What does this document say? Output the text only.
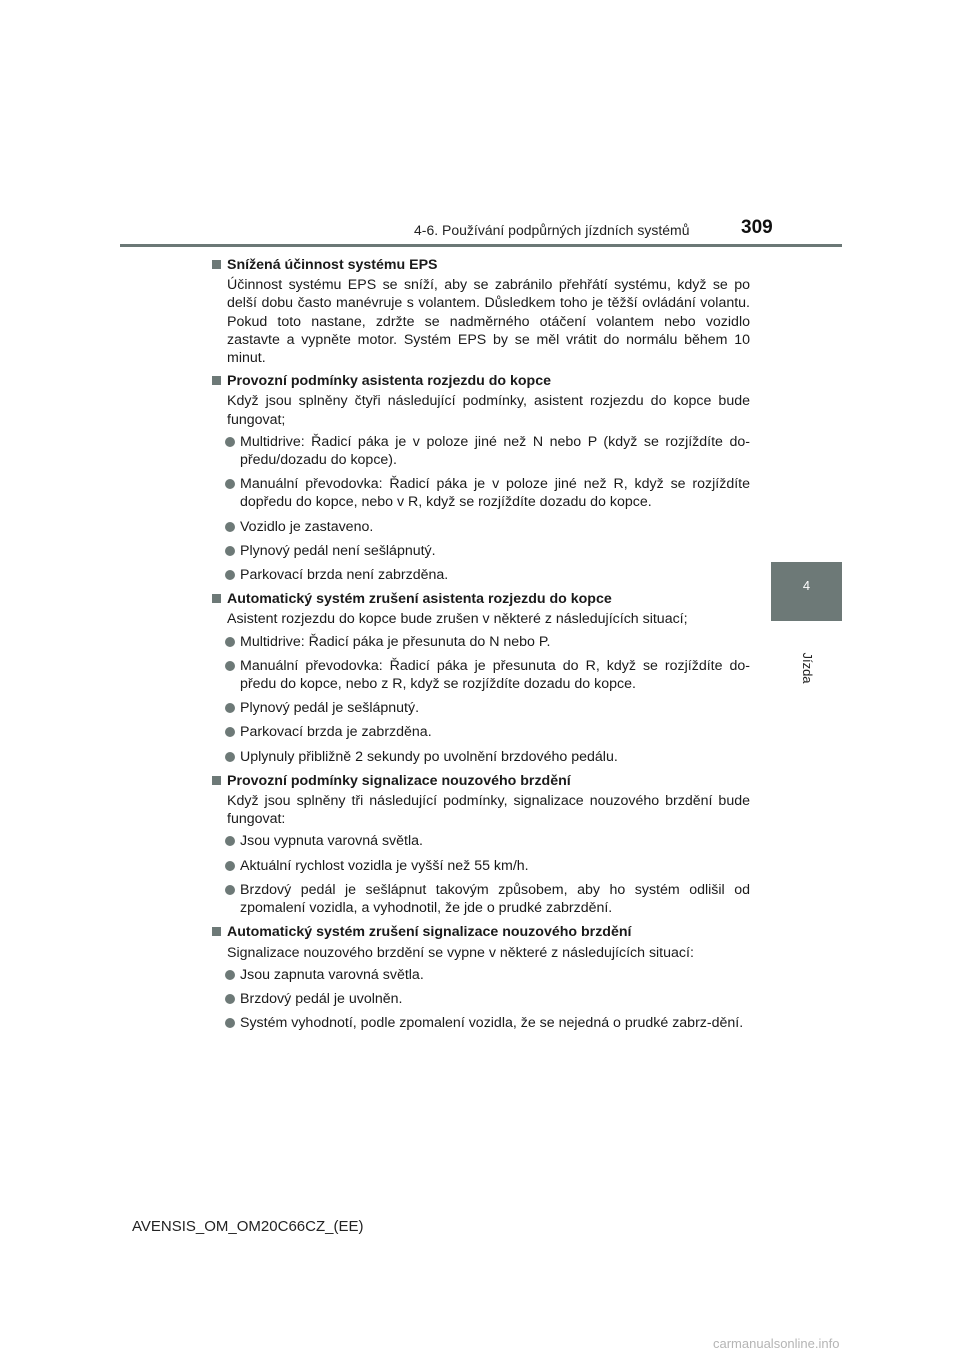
4-6. Používání podpůrných jízdních systémů	309
4
Jízda
Snížená účinnost systému EPS
Účinnost systému EPS se sníží, aby se zabránilo přehřátí systému, když se po delší dobu často manévruje s volantem. Důsledkem toho je těžší ovládání volantu. Pokud toto nastane, zdržte se nadměrného otáčení volantem nebo vozidlo zastavte a vypněte motor. Systém EPS by se měl vrátit do normálu během 10 minut.
Provozní podmínky asistenta rozjezdu do kopce
Když jsou splněny čtyři následující podmínky, asistent rozjezdu do kopce bude fungovat;
Multidrive: Řadicí páka je v poloze jiné než N nebo P (když se rozjíždíte do-předu/dozadu do kopce).
Manuální převodovka: Řadicí páka je v poloze jiné než R, když se rozjíždíte dopředu do kopce, nebo v R, když se rozjíždíte dozadu do kopce.
Vozidlo je zastaveno.
Plynový pedál není sešlápnutý.
Parkovací brzda není zabrzděna.
Automatický systém zrušení asistenta rozjezdu do kopce
Asistent rozjezdu do kopce bude zrušen v některé z následujících situací;
Multidrive: Řadicí páka je přesunuta do N nebo P.
Manuální převodovka: Řadicí páka je přesunuta do R, když se rozjíždíte do-předu do kopce, nebo z R, když se rozjíždíte dozadu do kopce.
Plynový pedál je sešlápnutý.
Parkovací brzda je zabrzděna.
Uplynuly přibližně 2 sekundy po uvolnění brzdového pedálu.
Provozní podmínky signalizace nouzového brzdění
Když jsou splněny tři následující podmínky, signalizace nouzového brzdění bude fungovat:
Jsou vypnuta varovná světla.
Aktuální rychlost vozidla je vyšší než 55 km/h.
Brzdový pedál je sešlápnut takovým způsobem, aby ho systém odlišil od zpomalení vozidla, a vyhodnotil, že jde o prudké zabrzdění.
Automatický systém zrušení signalizace nouzového brzdění
Signalizace nouzového brzdění se vypne v některé z následujících situací:
Jsou zapnuta varovná světla.
Brzdový pedál je uvolněn.
Systém vyhodnotí, podle zpomalení vozidla, že se nejedná o prudké zabrz-dění.
AVENSIS_OM_OM20C66CZ_(EE)
carmanualsonline.info
